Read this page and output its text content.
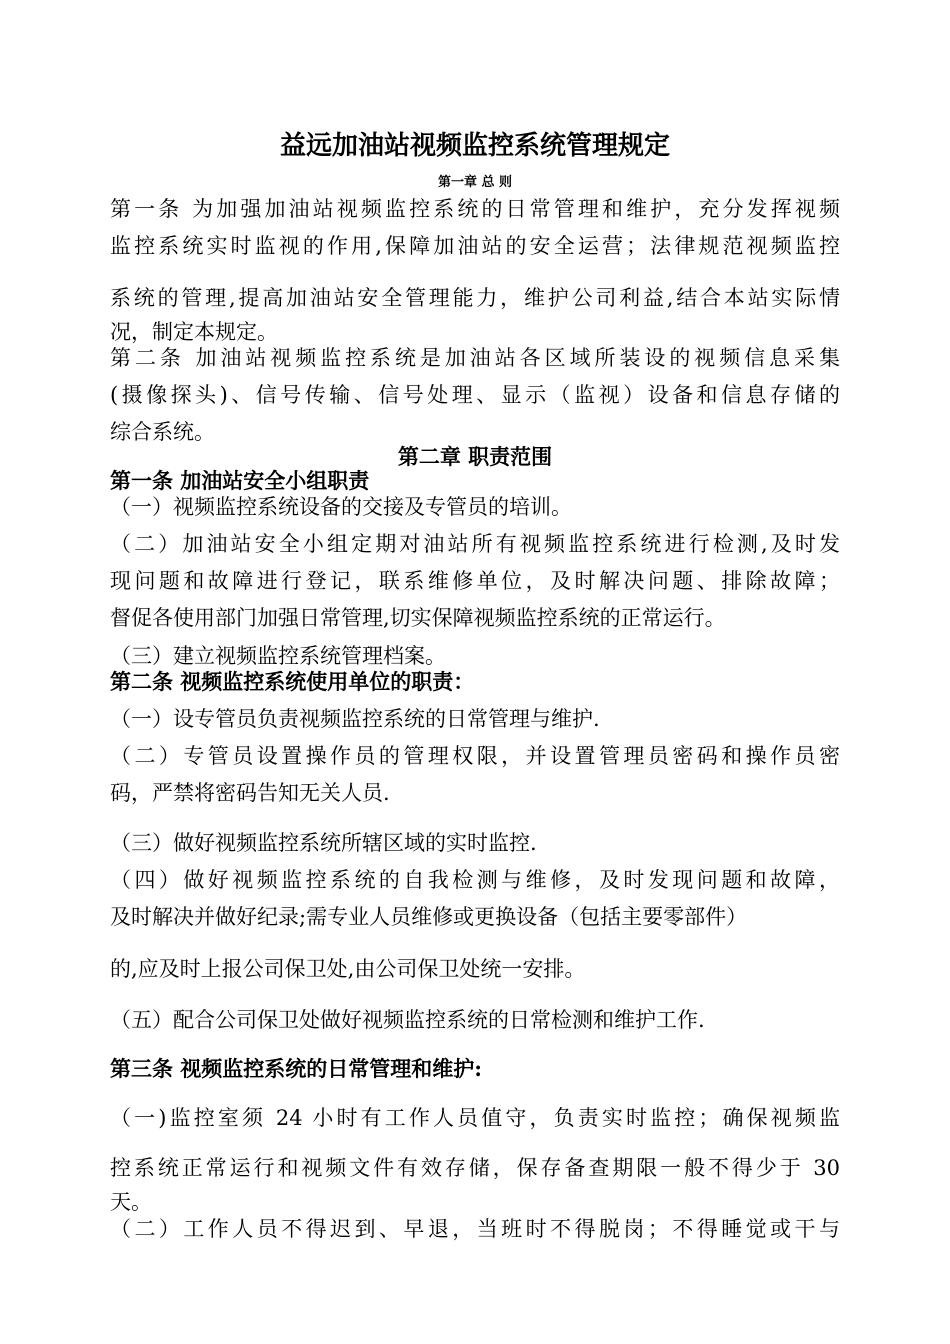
益远加油站视频监控系统管理规定
第一章 总 则
第一条 为加强加油站视频监控系统的日常管理和维护，充分发挥视频
监控系统实时监视的作用,保障加油站的安全运营；法律规范视频监控
系统的管理,提高加油站安全管理能力，维护公司利益,结合本站实际情
况，制定本规定。
第二条 加油站视频监控系统是加油站各区域所装设的视频信息采集
(摄像探头)、信号传输、信号处理、显示（监视）设备和信息存储的
综合系统。
第二章 职责范围
第一条 加油站安全小组职责
（一）视频监控系统设备的交接及专管员的培训。
（二）加油站安全小组定期对油站所有视频监控系统进行检测,及时发
现问题和故障进行登记，联系维修单位，及时解决问题、排除故障；
督促各使用部门加强日常管理,切实保障视频监控系统的正常运行。
（三）建立视频监控系统管理档案。
第二条 视频监控系统使用单位的职责：
（一）设专管员负责视频监控系统的日常管理与维护.
（二）专管员设置操作员的管理权限，并设置管理员密码和操作员密
码，严禁将密码告知无关人员.
（三）做好视频监控系统所辖区域的实时监控.
（四）做好视频监控系统的自我检测与维修，及时发现问题和故障，
及时解决并做好纪录;需专业人员维修或更换设备（包括主要零部件）
的,应及时上报公司保卫处,由公司保卫处统一安排。
（五）配合公司保卫处做好视频监控系统的日常检测和维护工作.
第三条 视频监控系统的日常管理和维护:
（一)监控室须 24 小时有工作人员值守，负责实时监控；确保视频监
控系统正常运行和视频文件有效存储，保存备查期限一般不得少于 30
天。
（二）工作人员不得迟到、早退，当班时不得脱岗；不得睡觉或干与
